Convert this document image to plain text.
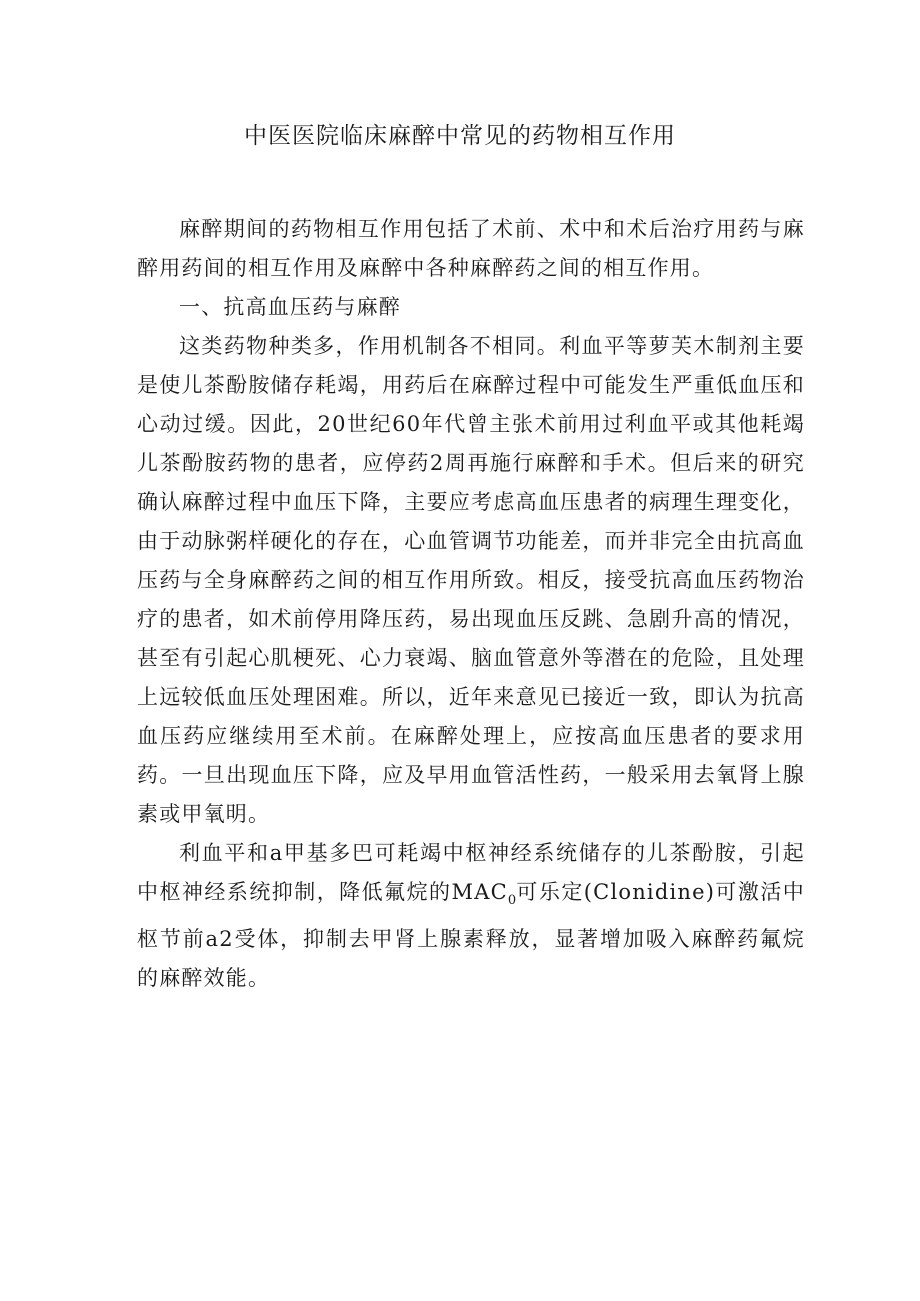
中医医院临床麻醉中常见的药物相互作用

麻醉期间的药物相互作用包括了术前、术中和术后治疗用药与麻醉用药间的相互作用及麻醉中各种麻醉药之间的相互作用。

一、抗高血压药与麻醉

这类药物种类多，作用机制各不相同。利血平等萝芙木制剂主要是使儿茶酚胺储存耗竭，用药后在麻醉过程中可能发生严重低血压和心动过缓。因此，20世纪60年代曾主张术前用过利血平或其他耗竭儿茶酚胺药物的患者，应停药2周再施行麻醉和手术。但后来的研究确认麻醉过程中血压下降，主要应考虑高血压患者的病理生理变化，由于动脉粥样硬化的存在，心血管调节功能差，而并非完全由抗高血压药与全身麻醉药之间的相互作用所致。相反，接受抗高血压药物治疗的患者，如术前停用降压药，易出现血压反跳、急剧升高的情况，甚至有引起心肌梗死、心力衰竭、脑血管意外等潜在的危险，且处理上远较低血压处理困难。所以，近年来意见已接近一致，即认为抗高血压药应继续用至术前。在麻醉处理上，应按高血压患者的要求用药。一旦出现血压下降，应及早用血管活性药，一般采用去氧肾上腺素或甲氧明。

利血平和a甲基多巴可耗竭中枢神经系统储存的儿茶酚胺，引起中枢神经系统抑制，降低氟烷的$MAC_0$可乐定(Clonidine)可激活中枢节前a2受体，抑制去甲肾上腺素释放，显著增加吸入麻醉药氟烷的麻醉效能。
